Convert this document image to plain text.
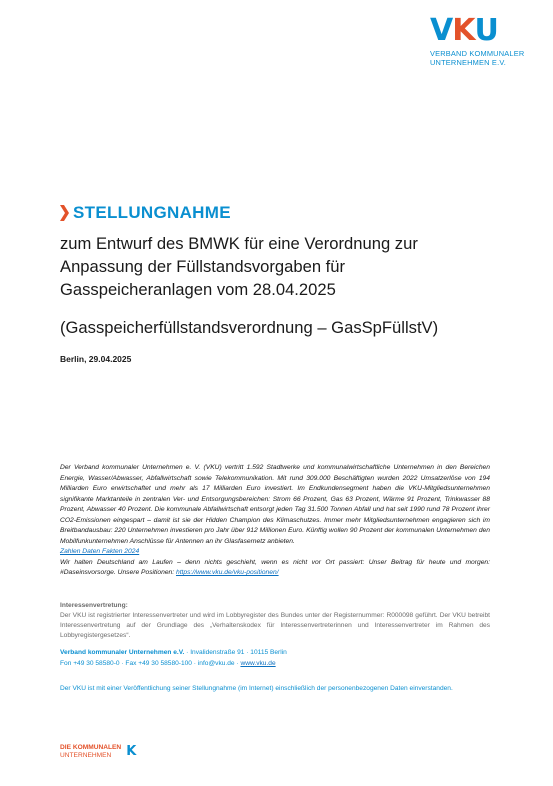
V K U
VERBAND KOMMUNALER
UNTERNEHMEN E.V.
STELLUNGNAHME
zum Entwurf des BMWK für eine Verordnung zur
Anpassung der Füllstandsvorgaben für
Gasspeicheranlagen vom 28.04.2025
(Gasspeicherfüllstandsverordnung – GasSpFüllstV)
Berlin, 29.04.2025

Der Verband kommunaler Unternehmen e. V. (VKU) vertritt 1.592 Stadtwerke und kommunalwirtschaftliche Unternehmen in den Bereichen Energie, Wasser/Abwasser, Abfallwirtschaft sowie Telekommunikation. Mit rund 309.000 Beschäftigten wurden 2022 Umsatzerlöse von 194 Milliarden Euro erwirtschaftet und mehr als 17 Milliarden Euro investiert. Im Endkundensegment haben die VKU-Mitgliedsunternehmen signifikante Marktanteile in zentralen Ver- und Entsorgungsbereichen: Strom 66 Prozent, Gas 63 Prozent, Wärme 91 Prozent, Trinkwasser 88 Prozent, Abwasser 40 Prozent. Die kommunale Abfallwirtschaft entsorgt jeden Tag 31.500 Tonnen Abfall und hat seit 1990 rund 78 Prozent ihrer CO2-Emissionen eingespart – damit ist sie der Hidden Champion des Klimaschutzes. Immer mehr Mitgliedsunternehmen engagieren sich im Breitbandausbau: 220 Unternehmen investieren pro Jahr über 912 Millionen Euro. Künftig wollen 90 Prozent der kommunalen Unternehmen den Mobilfunkunternehmen Anschlüsse für Antennen an ihr Glasfasernetz anbieten.

Zahlen Daten Fakten 2024

Wir halten Deutschland am Laufen – denn nichts geschieht, wenn es nicht vor Ort passiert: Unser Beitrag für heute und morgen: #Daseinsvorsorge. Unsere Positionen: https://www.vku.de/vku-positionen/

Interessenvertretung:

Der VKU ist registrierter Interessenvertreter und wird im Lobbyregister des Bundes unter der Registernummer: R000098 geführt. Der VKU betreibt Interessenvertretung auf der Grundlage des „Verhaltenskodex für Interessenvertreterinnen und Interessenvertreter im Rahmen des Lobbyregistergesetzes“.

Verband kommunaler Unternehmen e.V. · Invalidenstraße 91 · 10115 Berlin

Fon +49 30 58580-0 · Fax +49 30 58580-100 · info@vku.de · www.vku.de

Der VKU ist mit einer Veröffentlichung seiner Stellungnahme (im Internet) einschließlich der personenbezogenen Daten einverstanden.
DIE KOMMUNALEN
UNTERNEHMEN	K
